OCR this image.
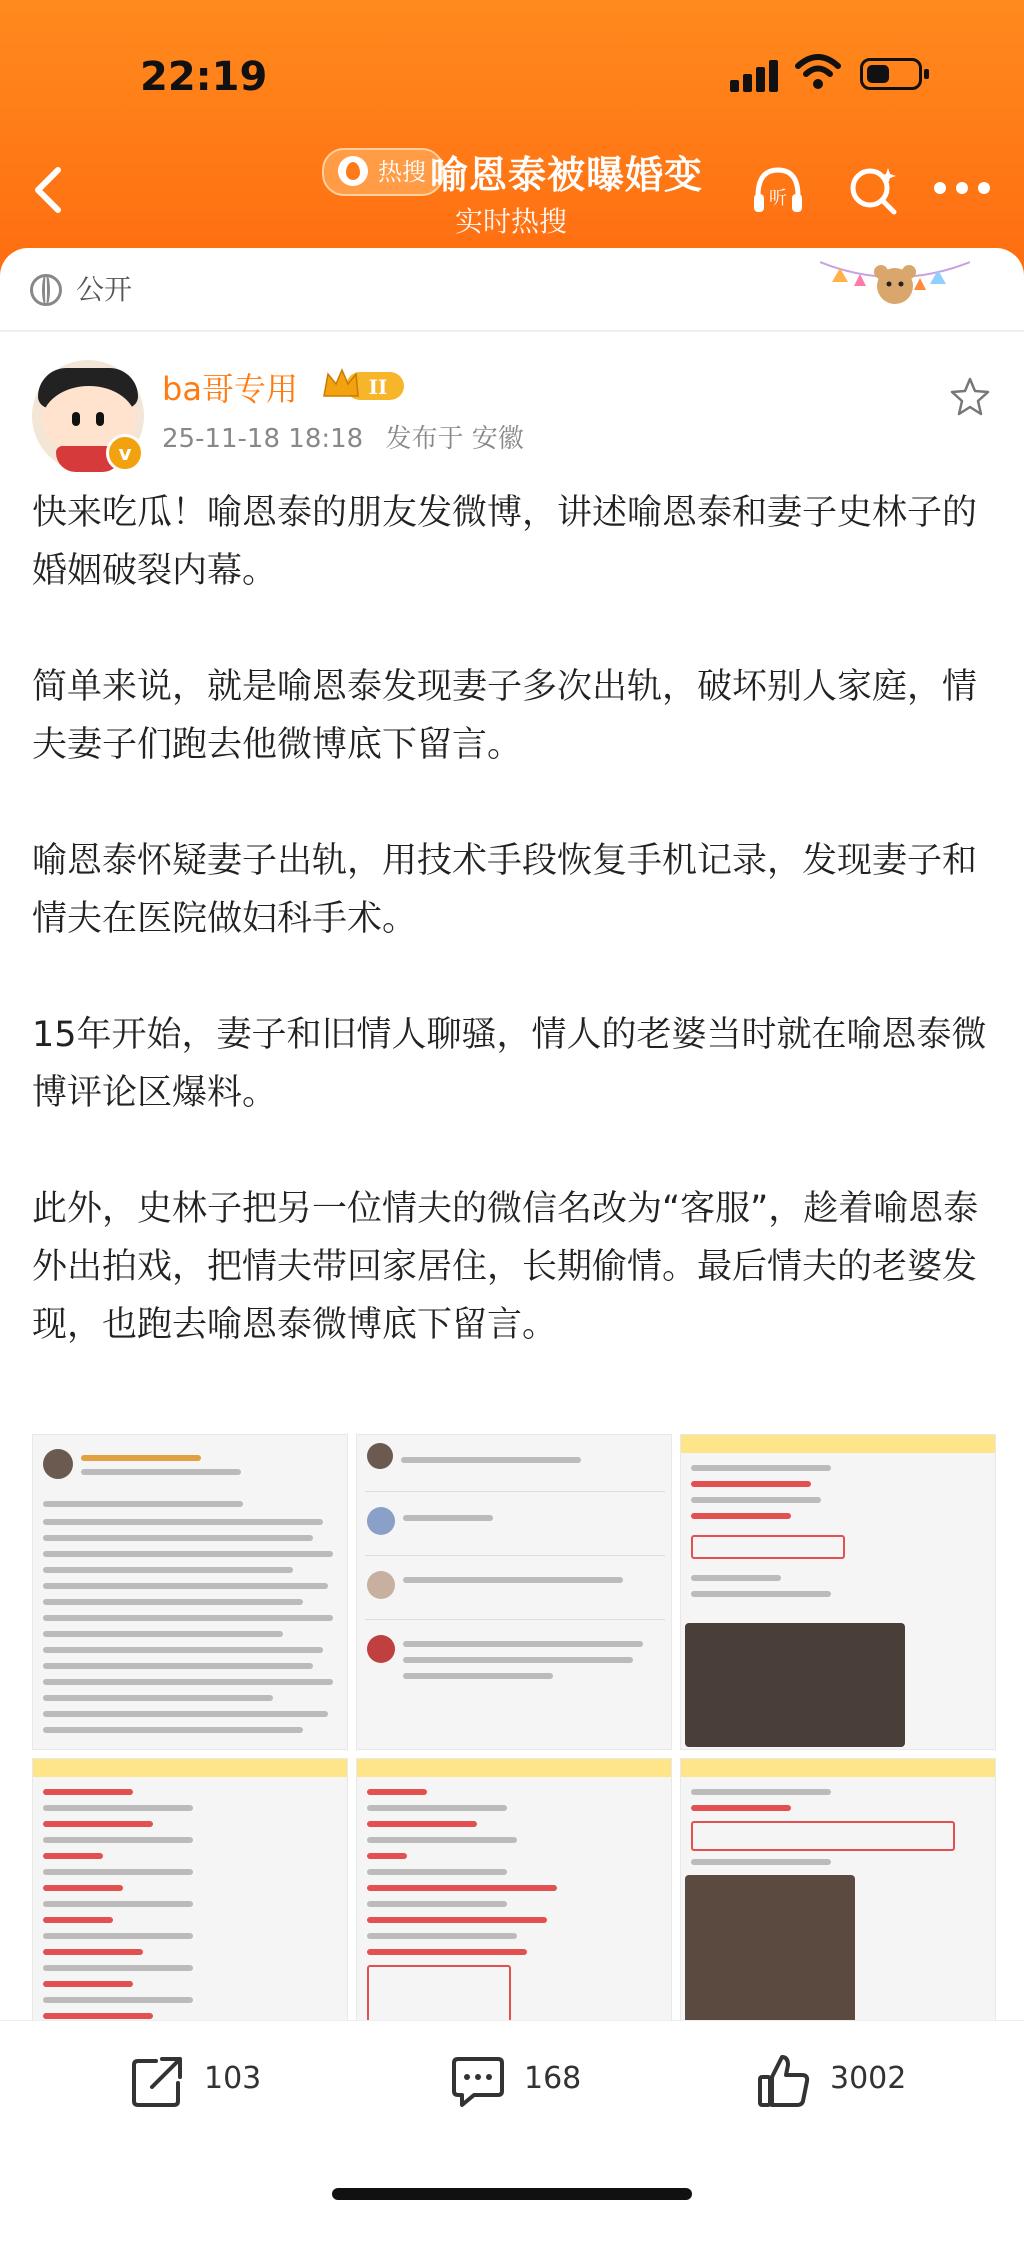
22:19
热搜 喻恩泰被曝婚变
实时热搜
听
公开
v
ba哥专用	II
25-11-18 18:18 发布于 安徽

快来吃瓜！喻恩泰的朋友发微博，讲述喻恩泰和妻子史林子的婚姻破裂内幕。

简单来说，就是喻恩泰发现妻子多次出轨，破坏别人家庭，情夫妻子们跑去他微博底下留言。

喻恩泰怀疑妻子出轨，用技术手段恢复手机记录，发现妻子和情夫在医院做妇科手术。

15年开始，妻子和旧情人聊骚，情人的老婆当时就在喻恩泰微博评论区爆料。

此外，史林子把另一位情夫的微信名改为“客服”，趁着喻恩泰外出拍戏，把情夫带回家居住，长期偷情。最后情夫的老婆发现，也跑去喻恩泰微博底下留言。

103	168	3002
